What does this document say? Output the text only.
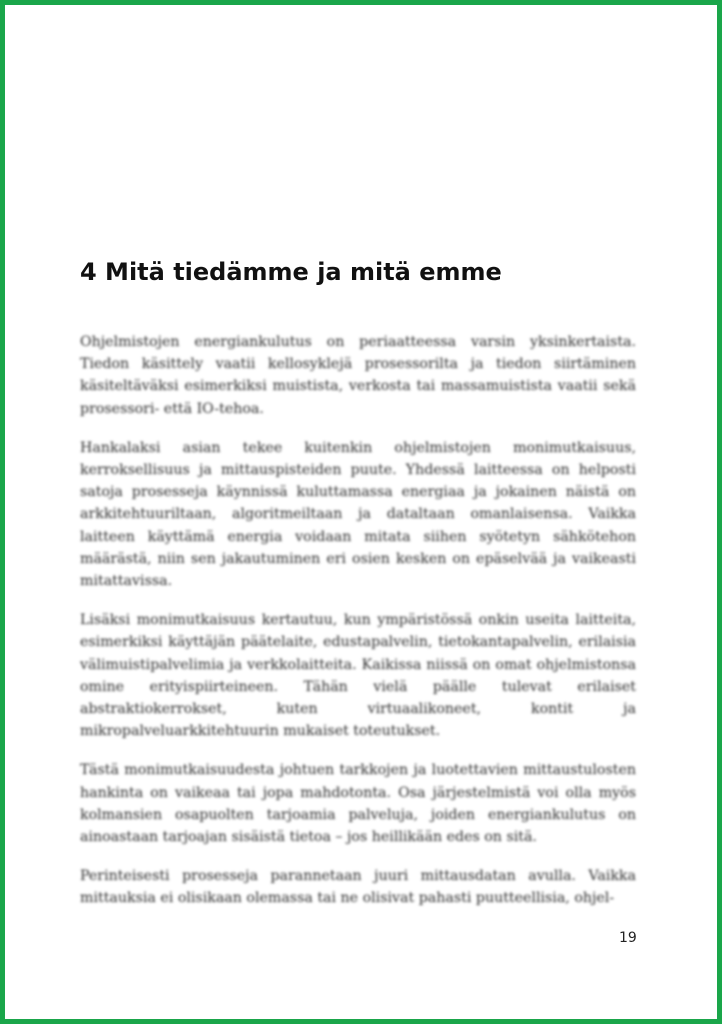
4 Mitä tiedämme ja mitä emme

Ohjelmistojen energiankulutus on periaatteessa varsin yksinkertaista. Tiedon käsittely vaatii kellosyklejä prosessorilta ja tiedon siirtäminen käsiteltäväksi esimerkiksi muistista, verkosta tai massamuistista vaatii sekä prosessori- että IO-tehoa.

Hankalaksi asian tekee kuitenkin ohjelmistojen monimutkaisuus, kerroksellisuus ja mittauspisteiden puute. Yhdessä laitteessa on helposti satoja prosesseja käynnissä kuluttamassa energiaa ja jokainen näistä on arkkitehtuuriltaan, algoritmeiltaan ja dataltaan omanlaisensa. Vaikka laitteen käyttämä energia voidaan mitata siihen syötetyn sähkötehon määrästä, niin sen jakautuminen eri osien kesken on epäselvää ja vaikeasti mitattavissa.

Lisäksi monimutkaisuus kertautuu, kun ympäristössä onkin useita laitteita, esimerkiksi käyttäjän päätelaite, edustapalvelin, tietokantapalvelin, erilaisia välimuistipalvelimia ja verkkolaitteita. Kaikissa niissä on omat ohjelmistonsa omine erityispiirteineen. Tähän vielä päälle tulevat erilaiset abstraktiokerrokset, kuten virtuaalikoneet, kontit ja mikropalveluarkkitehtuurin mukaiset toteutukset.

Tästä monimutkaisuudesta johtuen tarkkojen ja luotettavien mittaustulosten hankinta on vaikeaa tai jopa mahdotonta. Osa järjestelmistä voi olla myös kolmansien osapuolten tarjoamia palveluja, joiden energiankulutus on ainoastaan tarjoajan sisäistä tietoa – jos heillikään edes on sitä.

Perinteisesti prosesseja parannetaan juuri mittausdatan avulla. Vaikka mittauksia ei olisikaan olemassa tai ne olisivat pahasti puutteellisia, ohjel-

19
